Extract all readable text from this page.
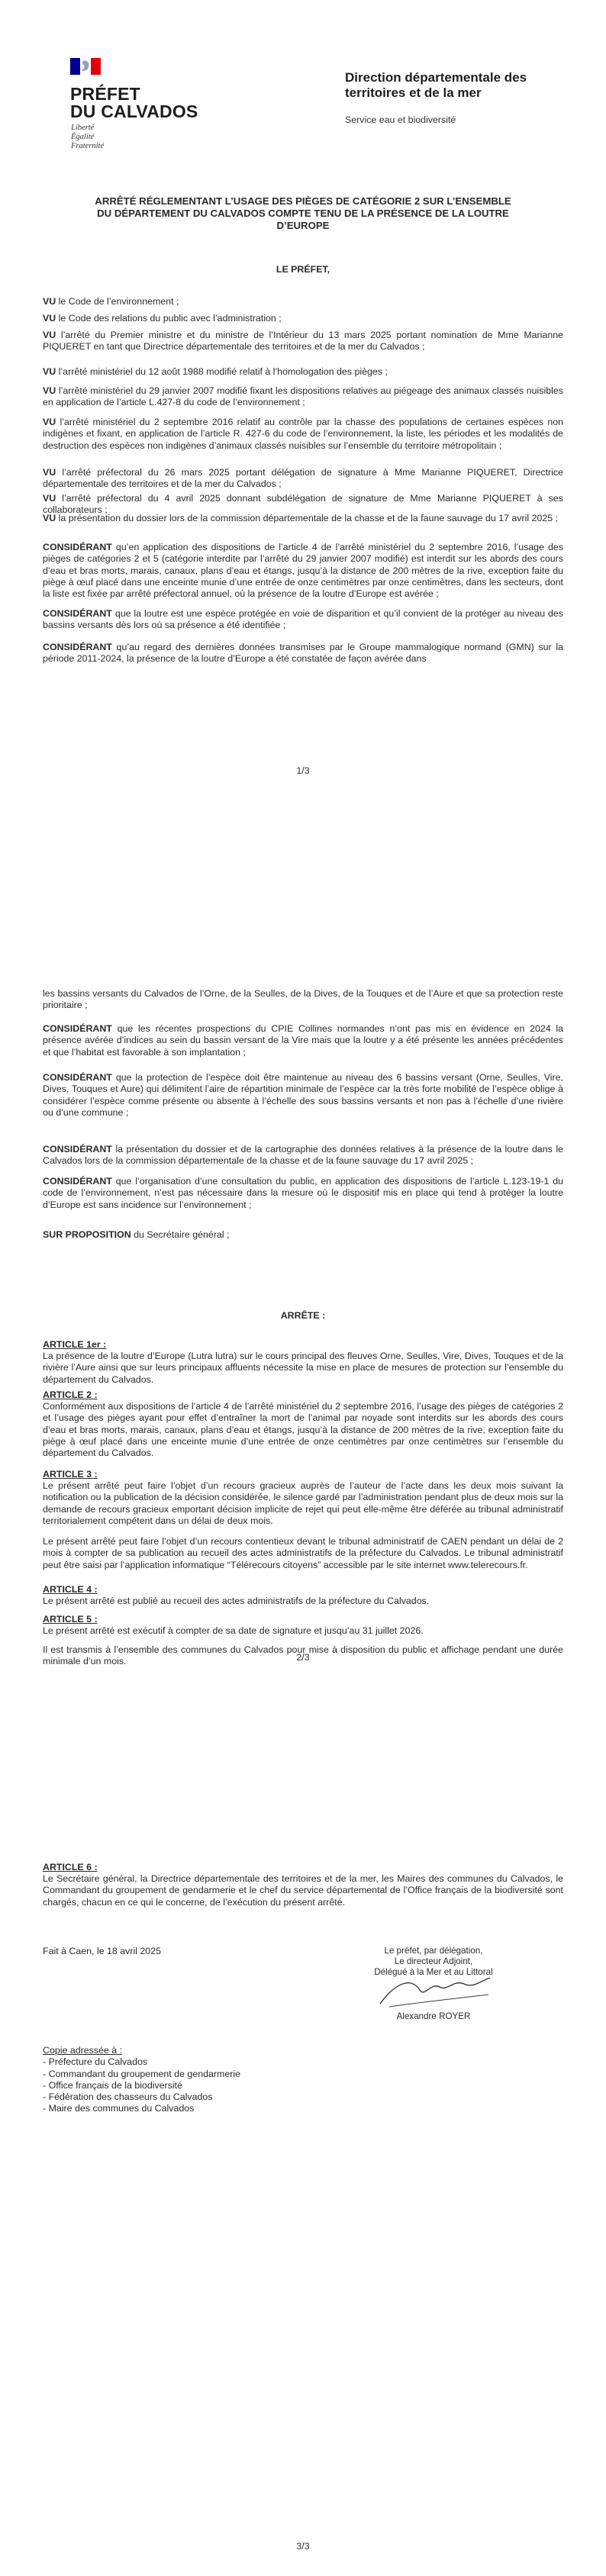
PRÉFET
DU CALVADOS
Liberté
Égalité
Fraternité
Direction départementale des territoires et de la mer
Service eau et biodiversité
ARRÊTÉ RÉGLEMENTANT L’USAGE DES PIÈGES DE CATÉGORIE 2 SUR L’ENSEMBLE DU DÉPARTEMENT DU CALVADOS COMPTE TENU DE LA PRÉSENCE DE LA LOUTRE D’EUROPE
LE PRÉFET,

VU le Code de l’environnement ;

VU le Code des relations du public avec l’administration ;

VU l’arrêté du Premier ministre et du ministre de l’Intérieur du 13 mars 2025 portant nomination de Mme Marianne PIQUERET en tant que Directrice départementale des territoires et de la mer du Calvados ;

VU l’arrêté ministériel du 12 août 1988 modifié relatif à l’homologation des pièges ;

VU l’arrêté ministériel du 29 janvier 2007 modifié fixant les dispositions relatives au piégeage des animaux classés nuisibles en application de l’article L.427-8 du code de l’environnement ;

VU l’arrêté ministériel du 2 septembre 2016 relatif au contrôle par la chasse des populations de certaines espèces non indigènes et fixant, en application de l’article R. 427-6 du code de l’environnement, la liste, les périodes et les modalités de destruction des espèces non indigènes d’animaux classés nuisibles sur l’ensemble du territoire métropolitain ;

VU l’arrêté préfectoral du 26 mars 2025 portant délégation de signature à Mme Marianne PIQUERET, Directrice départementale des territoires et de la mer du Calvados ;

VU l’arrêté préfectoral du 4 avril 2025 donnant subdélégation de signature de Mme Marianne PIQUERET à ses collaborateurs ;

VU la présentation du dossier lors de la commission départementale de la chasse et de la faune sauvage du 17 avril 2025 ;

CONSIDÉRANT qu’en application des dispositions de l’article 4 de l’arrêté ministériel du 2 septembre 2016, l’usage des pièges de catégories 2 et 5 (catégorie interdite par l’arrêté du 29 janvier 2007 modifié) est interdit sur les abords des cours d’eau et bras morts, marais, canaux, plans d’eau et étangs, jusqu’à la distance de 200 mètres de la rive, exception faite du piège à œuf placé dans une enceinte munie d’une entrée de onze centimètres par onze centimètres, dans les secteurs, dont la liste est fixée par arrêté préfectoral annuel, où la présence de la loutre d’Europe est avérée ;

CONSIDÉRANT que la loutre est une espèce protégée en voie de disparition et qu’il convient de la protéger au niveau des bassins versants dès lors où sa présence a été identifiée ;

CONSIDÉRANT qu’au regard des dernières données transmises par le Groupe mammalogique normand (GMN) sur la période 2011-2024, la présence de la loutre d’Europe a été constatée de façon avérée dans

1/3

les bassins versants du Calvados de l’Orne, de la Seulles, de la Dives, de la Touques et de l’Aure et que sa protection reste prioritaire ;

CONSIDÉRANT que les récentes prospections du CPIE Collines normandes n’ont pas mis en évidence en 2024 la présence avérée d’indices au sein du bassin versant de la Vire mais que la loutre y a été présente les années précédentes et que l’habitat est favorable à son implantation ;

CONSIDÉRANT que la protection de l’espèce doit être maintenue au niveau des 6 bassins versant (Orne, Seulles, Vire, Dives, Touques et Aure) qui délimitent l’aire de répartition minimale de l’espèce car la très forte mobilité de l’espèce oblige à considérer l’espèce comme présente ou absente à l’échelle des sous bassins versants et non pas à l’échelle d’une rivière ou d’une commune ;

CONSIDÉRANT la présentation du dossier et de la cartographie des données relatives à la présence de la loutre dans le Calvados lors de la commission départementale de la chasse et de la faune sauvage du 17 avril 2025 ;

CONSIDÉRANT que l’organisation d’une consultation du public, en application des dispositions de l’article L.123-19-1 du code de l’environnement, n’est pas nécessaire dans la mesure où le dispositif mis en place qui tend à protéger la loutre d’Europe est sans incidence sur l’environnement ;

SUR PROPOSITION du Secrétaire général ;

ARRÊTE :
ARTICLE 1er :

La présence de la loutre d’Europe (Lutra lutra) sur le cours principal des fleuves Orne, Seulles, Vire, Dives, Touques et de la rivière l’Aure ainsi que sur leurs principaux affluents nécessite la mise en place de mesures de protection sur l’ensemble du département du Calvados.

ARTICLE 2 :

Conformément aux dispositions de l’article 4 de l’arrêté ministériel du 2 septembre 2016, l’usage des pièges de catégories 2 et l’usage des pièges ayant pour effet d’entraîner la mort de l’animal par noyade sont interdits sur les abords des cours d’eau et bras morts, marais, canaux, plans d’eau et étangs, jusqu’à la distance de 200 mètres de la rive, exception faite du piège à œuf placé dans une enceinte munie d’une entrée de onze centimètres par onze centimètres sur l’ensemble du département du Calvados.

ARTICLE 3 :

Le présent arrêté peut faire l’objet d’un recours gracieux auprès de l’auteur de l’acte dans les deux mois suivant la notification ou la publication de la décision considérée, le silence gardé par l’administration pendant plus de deux mois sur la demande de recours gracieux emportant décision implicite de rejet qui peut elle-même être déférée au tribunal administratif territorialement compétent dans un délai de deux mois.

Le présent arrêté peut faire l’objet d’un recours contentieux devant le tribunal administratif de CAEN pendant un délai de 2 mois à compter de sa publication au recueil des actes administratifs de la préfecture du Calvados. Le tribunal administratif peut être saisi par l’application informatique “Télérecours citoyens” accessible par le site internet www.telerecours.fr.

ARTICLE 4 :

Le présent arrêté est publié au recueil des actes administratifs de la préfecture du Calvados.

ARTICLE 5 :

Le présent arrêté est exécutif à compter de sa date de signature et jusqu’au 31 juillet 2026.

Il est transmis à l’ensemble des communes du Calvados pour mise à disposition du public et affichage pendant une durée minimale d’un mois.	2/3
ARTICLE 6 :

Le Secrétaire général, la Directrice départementale des territoires et de la mer, les Maires des communes du Calvados, le Commandant du groupement de gendarmerie et le chef du service départemental de l’Office français de la biodiversité sont chargés, chacun en ce qui le concerne, de l’exécution du présent arrêté.

Fait à Caen, le 18 avril 2025	Le préfet, par délégation,
Le directeur Adjoint,
Délégué à la Mer et au Littoral
Alexandre ROYER
Copie adressée à :
- Préfecture du Calvados
- Commandant du groupement de gendarmerie
- Office français de la biodiversité
- Fédération des chasseurs du Calvados
- Maire des communes du Calvados
3/3
